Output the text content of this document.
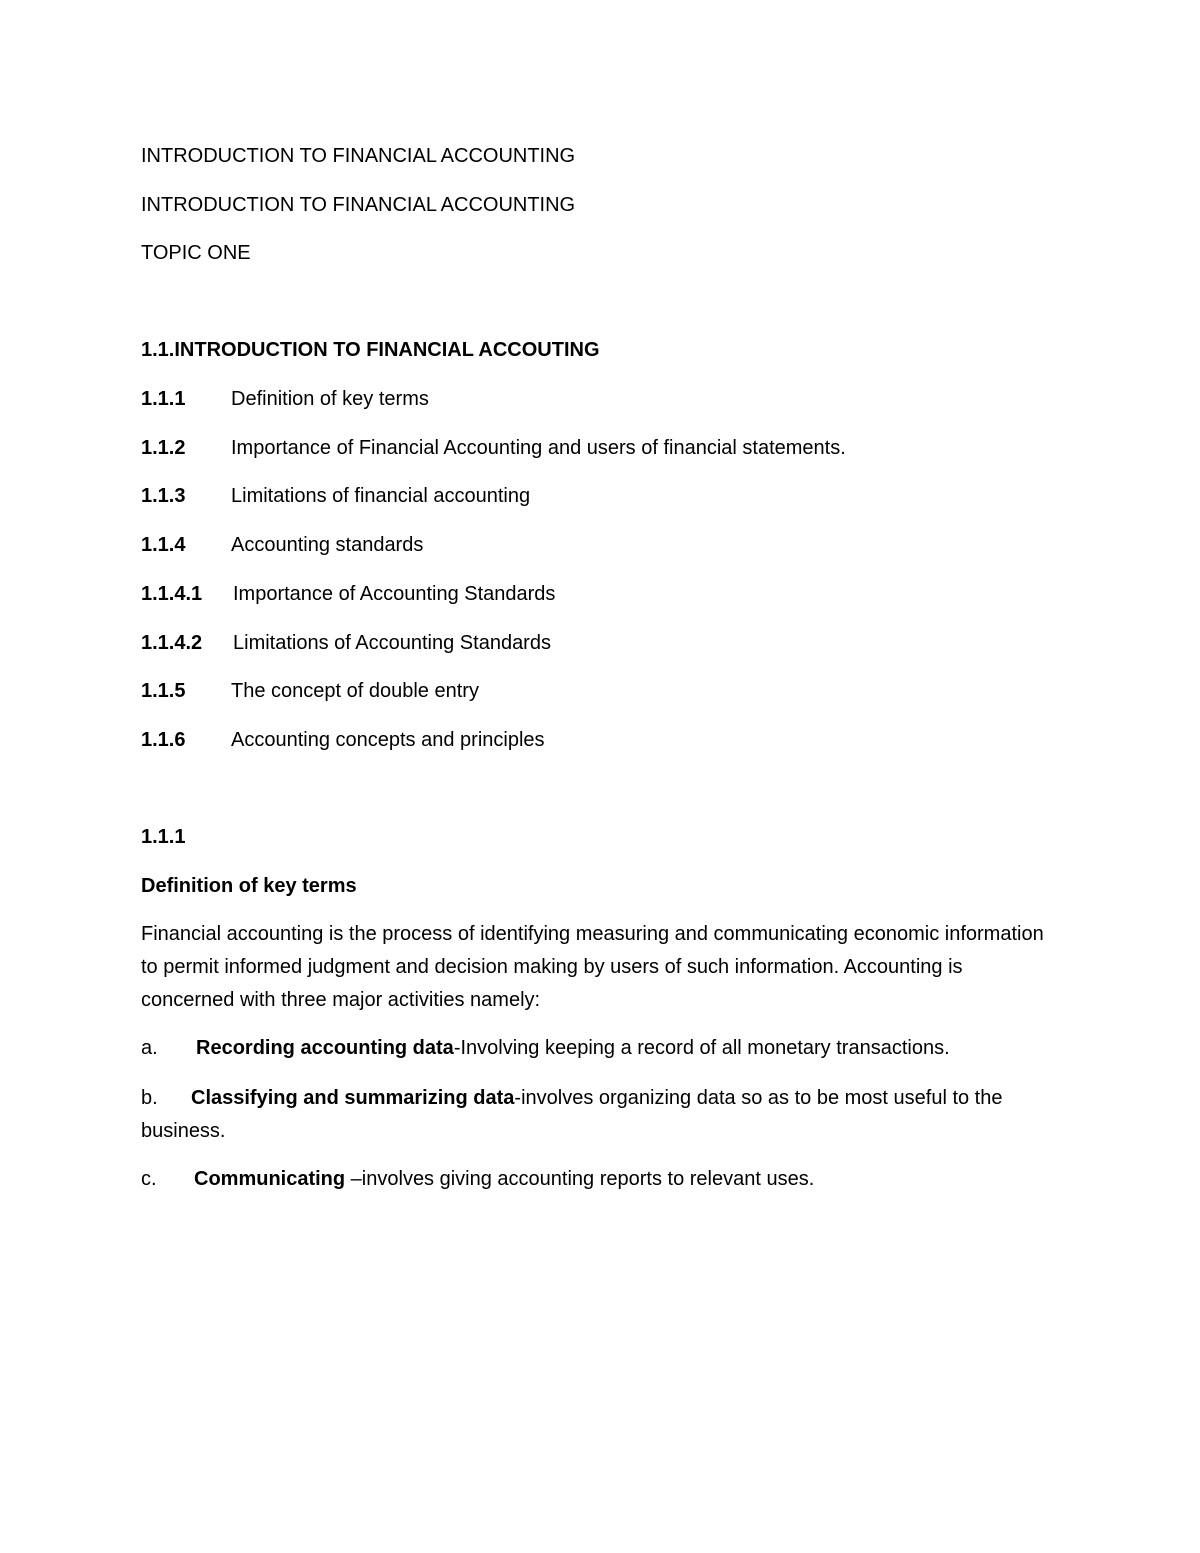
INTRODUCTION TO FINANCIAL ACCOUNTING
INTRODUCTION TO FINANCIAL ACCOUNTING
TOPIC ONE
1.1.INTRODUCTION TO FINANCIAL ACCOUTING
1.1.1 Definition of key terms
1.1.2 Importance of Financial Accounting and users of financial statements.
1.1.3 Limitations of financial accounting
1.1.4 Accounting standards
1.1.4.1 Importance of Accounting Standards
1.1.4.2 Limitations of Accounting Standards
1.1.5 The concept of double entry
1.1.6 Accounting concepts and principles
1.1.1
Definition of key terms
Financial accounting is the process of identifying measuring and communicating economic information to permit informed judgment and decision making by users of such information. Accounting is concerned with three major activities namely:
a. Recording accounting data-Involving keeping a record of all monetary transactions.
b. Classifying and summarizing data-involves organizing data so as to be most useful to the business.
c. Communicating –involves giving accounting reports to relevant uses.
